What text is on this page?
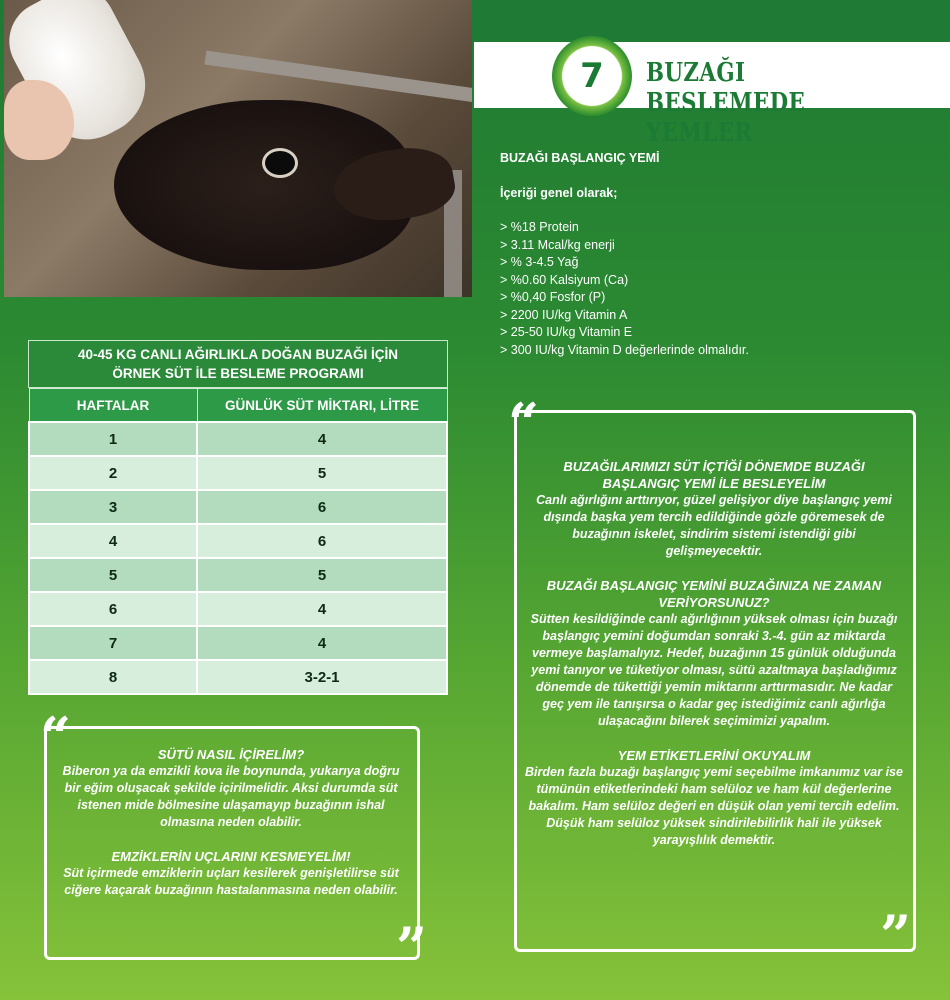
7 BUZAĞI BESLEMEDE YEMLER
BUZAĞI BAŞLANGIÇ YEMİ
İçeriği genel olarak;
> %18 Protein
> 3.11 Mcal/kg enerji
> % 3-4.5 Yağ
> %0.60 Kalsiyum (Ca)
> %0,40 Fosfor (P)
> 2200 IU/kg Vitamin A
> 25-50 IU/kg Vitamin E
> 300 IU/kg Vitamin D değerlerinde olmalıdır.
40-45 KG CANLI AĞIRLIKLA DOĞAN BUZAĞI İÇİN
ÖRNEK SÜT İLE BESLEME PROGRAMI
HAFTALAR	GÜNLÜK SÜT MİKTARI, LİTRE
1	4
2	5
3	6
4	6
5	5
6	4
7	4
8	3-2-1
“
”
SÜTÜ NASIL İÇİRELİM?
Biberon ya da emzikli kova ile boynunda, yukarıya doğru bir eğim oluşacak şekilde içirilmelidir. Aksi durumda süt istenen mide bölmesine ulaşamayıp buzağının ishal olmasına neden olabilir.
EMZİKLERİN UÇLARINI KESMEYELİM!
Süt içirmede emziklerin uçları kesilerek genişletilirse süt ciğere kaçarak buzağının hastalanmasına neden olabilir.
“
”
BUZAĞILARIMIZI SÜT İÇTİĞİ DÖNEMDE BUZAĞI BAŞLANGIÇ YEMİ İLE BESLEYELİM
Canlı ağırlığını arttırıyor, güzel gelişiyor diye başlangıç yemi dışında başka yem tercih edildiğinde gözle göremesek de buzağının iskelet, sindirim sistemi istendiği gibi gelişmeyecektir.
BUZAĞI BAŞLANGIÇ YEMİNİ BUZAĞINIZA NE ZAMAN VERİYORSUNUZ?
Sütten kesildiğinde canlı ağırlığının yüksek olması için buzağı başlangıç yemini doğumdan sonraki 3.-4. gün az miktarda vermeye başlamalıyız. Hedef, buzağının 15 günlük olduğunda yemi tanıyor ve tüketiyor olması, sütü azaltmaya başladığımız dönemde de tükettiği yemin miktarını arttırmasıdır. Ne kadar geç yem ile tanışırsa o kadar geç istediğimiz canlı ağırlığa ulaşacağını bilerek seçimimizi yapalım.
YEM ETİKETLERİNİ OKUYALIM
Birden fazla buzağı başlangıç yemi seçebilme imkanımız var ise tümünün etiketlerindeki ham selüloz ve ham kül değerlerine bakalım. Ham selüloz değeri en düşük olan yemi tercih edelim. Düşük ham selüloz yüksek sindirilebilirlik hali ile yüksek yarayışlılık demektir.
